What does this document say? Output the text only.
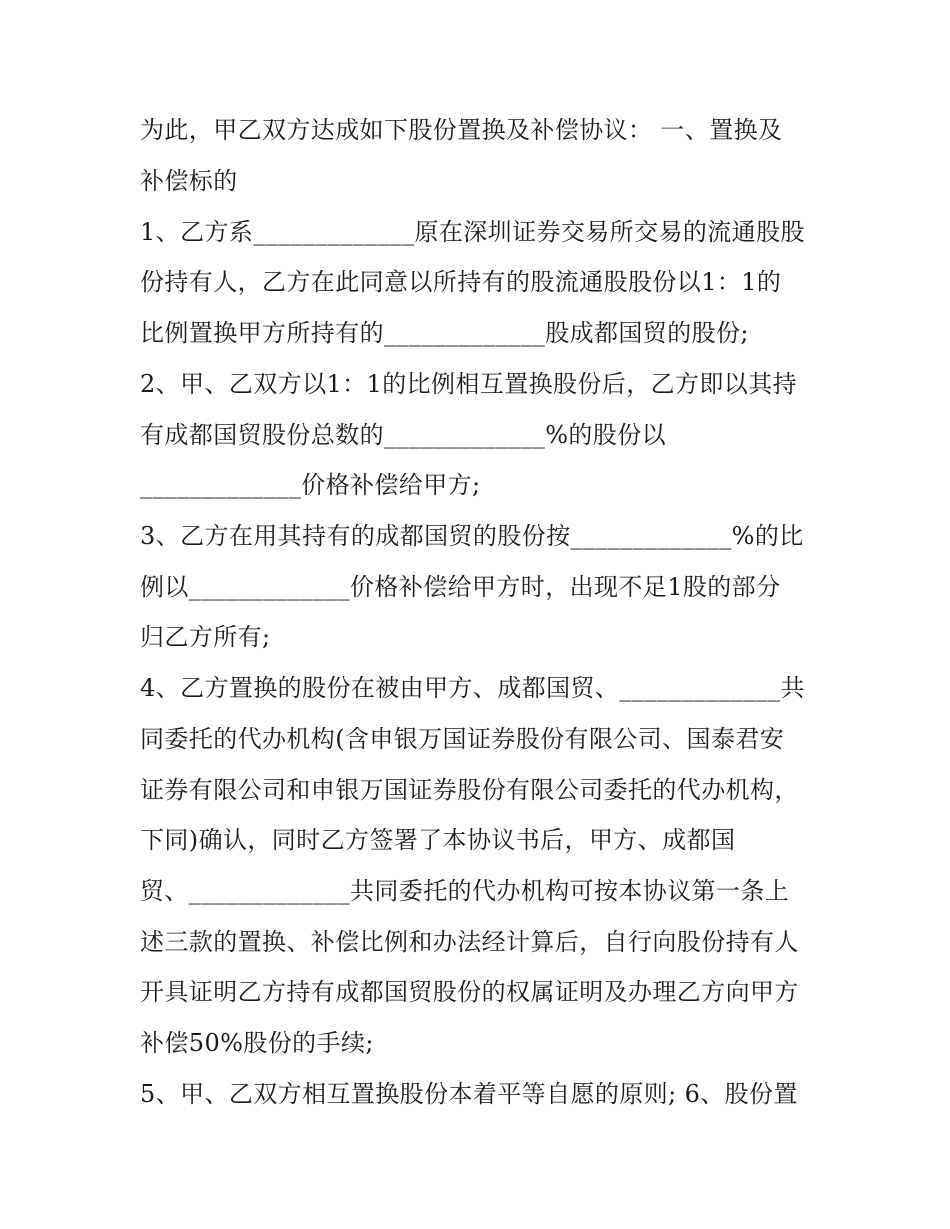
为此，甲乙双方达成如下股份置换及补偿协议： 一、置换及
补偿标的
1、乙方系_____________原在深圳证券交易所交易的流通股股
份持有人，乙方在此同意以所持有的股流通股股份以1：1的
比例置换甲方所持有的_____________股成都国贸的股份;
2、甲、乙双方以1：1的比例相互置换股份后，乙方即以其持
有成都国贸股份总数的_____________%的股份以
_____________价格补偿给甲方;
3、乙方在用其持有的成都国贸的股份按_____________%的比
例以_____________价格补偿给甲方时，出现不足1股的部分
归乙方所有;
4、乙方置换的股份在被由甲方、成都国贸、_____________共
同委托的代办机构(含申银万国证券股份有限公司、国泰君安
证券有限公司和申银万国证券股份有限公司委托的代办机构，
下同)确认，同时乙方签署了本协议书后，甲方、成都国
贸、_____________共同委托的代办机构可按本协议第一条上
述三款的置换、补偿比例和办法经计算后，自行向股份持有人
开具证明乙方持有成都国贸股份的权属证明及办理乙方向甲方
补偿50%股份的手续;
5、甲、乙双方相互置换股份本着平等自愿的原则; 6、股份置
